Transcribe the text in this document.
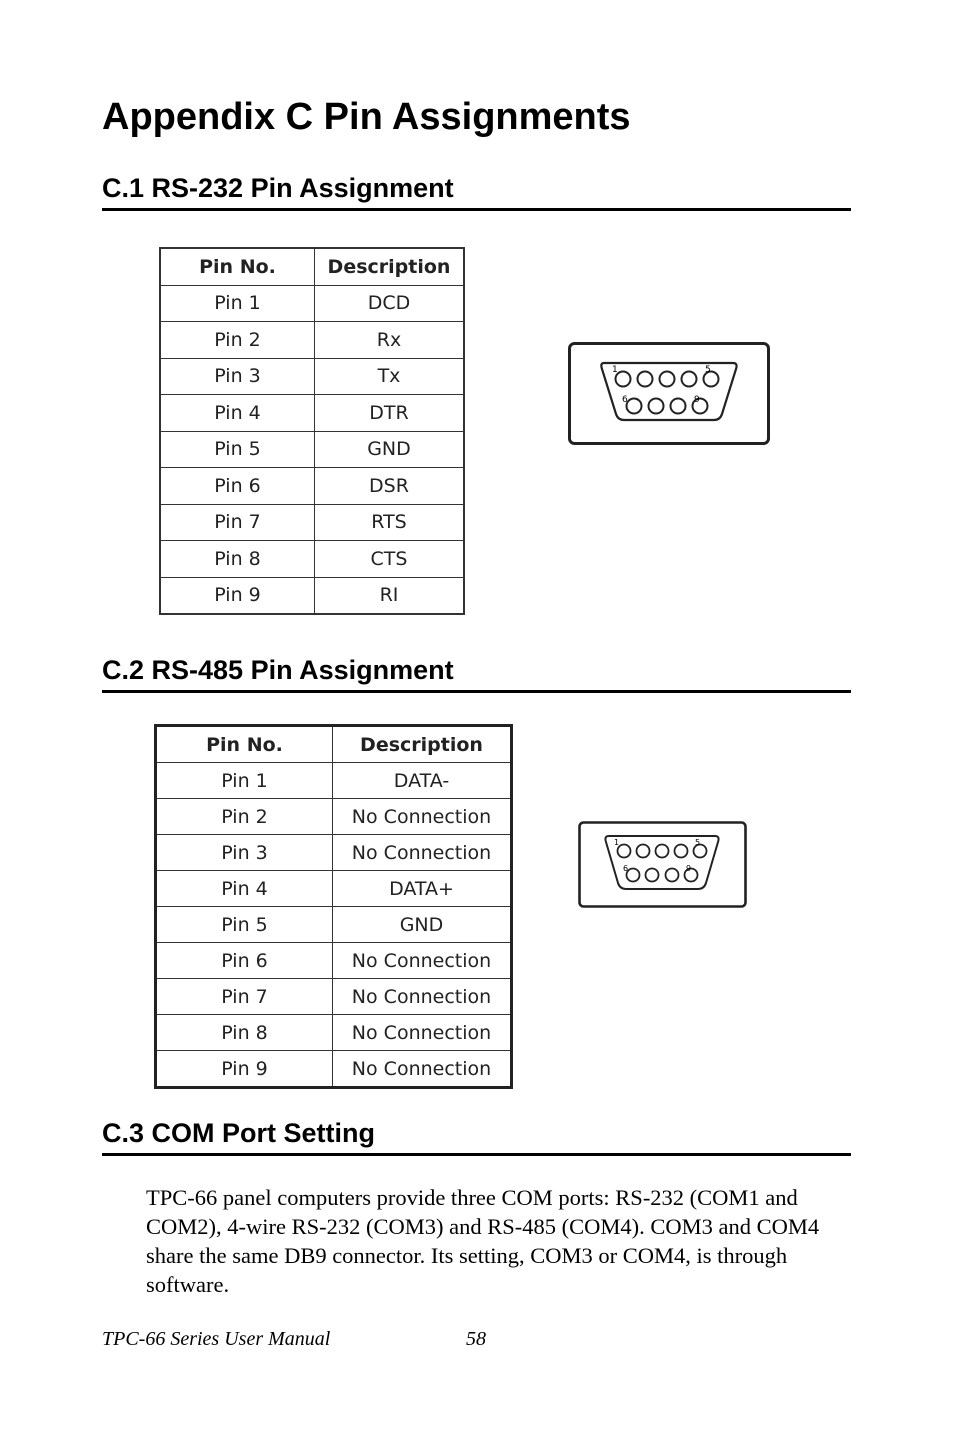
Appendix C Pin Assignments
C.1 RS-232 Pin Assignment
Pin No.	Description
Pin 1	DCD
Pin 2	Rx
Pin 3	Tx
Pin 4	DTR
Pin 5	GND
Pin 6	DSR
Pin 7	RTS
Pin 8	CTS
Pin 9	RI
1	5
6	9
C.2 RS-485 Pin Assignment
Pin No.	Description
Pin 1	DATA-
Pin 2	No Connection
Pin 3	No Connection
Pin 4	DATA+
Pin 5	GND
Pin 6	No Connection
Pin 7	No Connection
Pin 8	No Connection
Pin 9	No Connection
1	5
6	9
C.3 COM Port Setting

TPC-66 panel computers provide three COM ports: RS-232 (COM1 and COM2), 4-wire RS-232 (COM3) and RS-485 (COM4). COM3 and COM4 share the same DB9 connector. Its setting, COM3 or COM4, is through software.

TPC-66 Series User Manual	58
